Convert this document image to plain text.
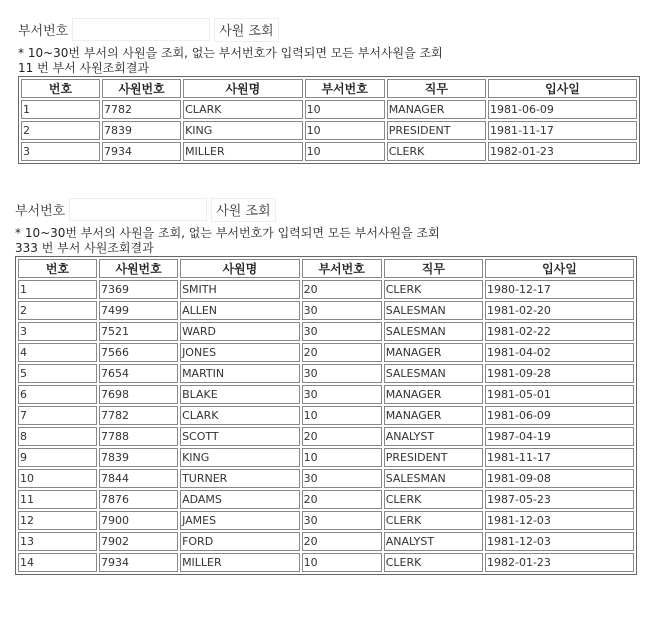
부서번호	사원 조회
* 10~30번 부서의 사원을 조회, 없는 부서번호가 입력되면 모든 부서사원을 조회
11 번 부서 사원조회결과
번호	사원번호	사원명	부서번호	직무	입사일
1	7782	CLARK	10	MANAGER	1981-06-09
2	7839	KING	10	PRESIDENT	1981-11-17
3	7934	MILLER	10	CLERK	1982-01-23
부서번호	사원 조회
* 10~30번 부서의 사원을 조회, 없는 부서번호가 입력되면 모든 부서사원을 조회
333 번 부서 사원조회결과
번호	사원번호	사원명	부서번호	직무	입사일
1	7369	SMITH	20	CLERK	1980-12-17
2	7499	ALLEN	30	SALESMAN	1981-02-20
3	7521	WARD	30	SALESMAN	1981-02-22
4	7566	JONES	20	MANAGER	1981-04-02
5	7654	MARTIN	30	SALESMAN	1981-09-28
6	7698	BLAKE	30	MANAGER	1981-05-01
7	7782	CLARK	10	MANAGER	1981-06-09
8	7788	SCOTT	20	ANALYST	1987-04-19
9	7839	KING	10	PRESIDENT	1981-11-17
10	7844	TURNER	30	SALESMAN	1981-09-08
11	7876	ADAMS	20	CLERK	1987-05-23
12	7900	JAMES	30	CLERK	1981-12-03
13	7902	FORD	20	ANALYST	1981-12-03
14	7934	MILLER	10	CLERK	1982-01-23
